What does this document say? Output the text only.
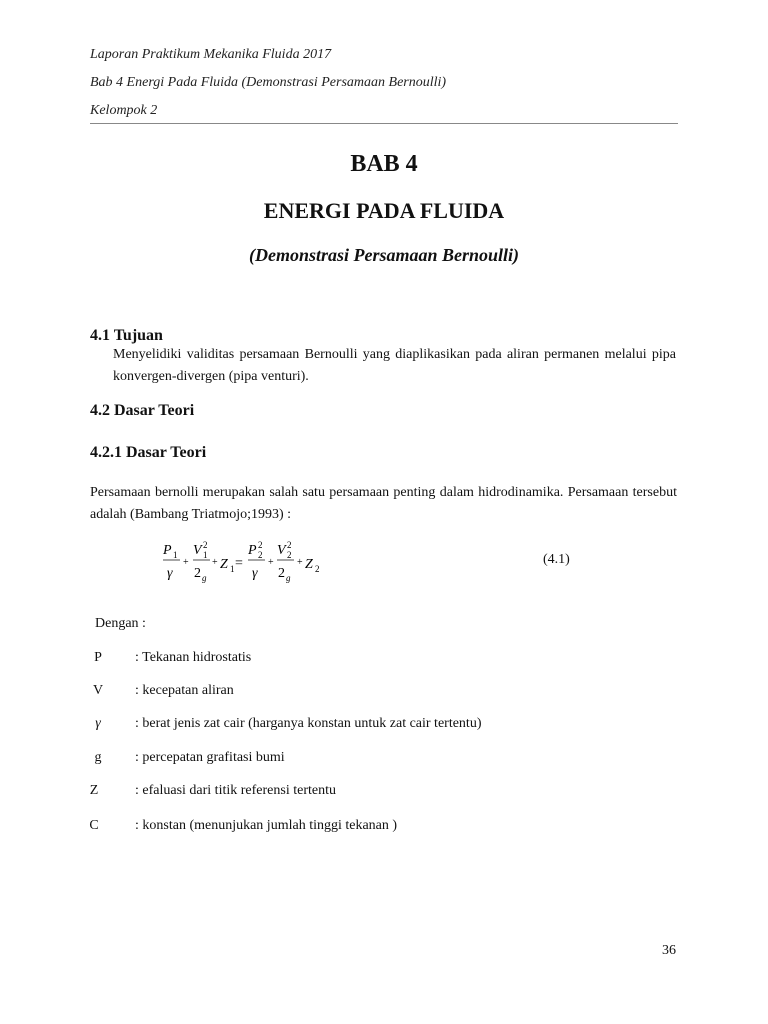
Laporan Praktikum Mekanika Fluida 2017
Bab 4 Energi Pada Fluida (Demonstrasi Persamaan Bernoulli)
Kelompok 2
BAB 4
ENERGI PADA FLUIDA
(Demonstrasi Persamaan Bernoulli)
4.1 Tujuan
Menyelidiki validitas persamaan Bernoulli yang diaplikasikan pada aliran permanen melalui pipa konvergen-divergen (pipa venturi).
4.2 Dasar Teori
4.2.1 Dasar Teori
Persamaan bernolli merupakan salah satu persamaan penting dalam hidrodinamika. Persamaan tersebut adalah (Bambang Triatmojo;1993) :
P 1
γ
+
V 2
1
2 g
+ Z 1 =
P 2
2
γ
+
V 2
2
2 g
+ Z 2
(4.1)
Dengan :
P	: Tekanan hidrostatis
V	: kecepatan aliran
γ	: berat jenis zat cair (harganya konstan untuk zat cair tertentu)
g	: percepatan grafitasi bumi
Z	: efaluasi dari titik referensi tertentu
C	: konstan (menunjukan jumlah tinggi tekanan )
36
